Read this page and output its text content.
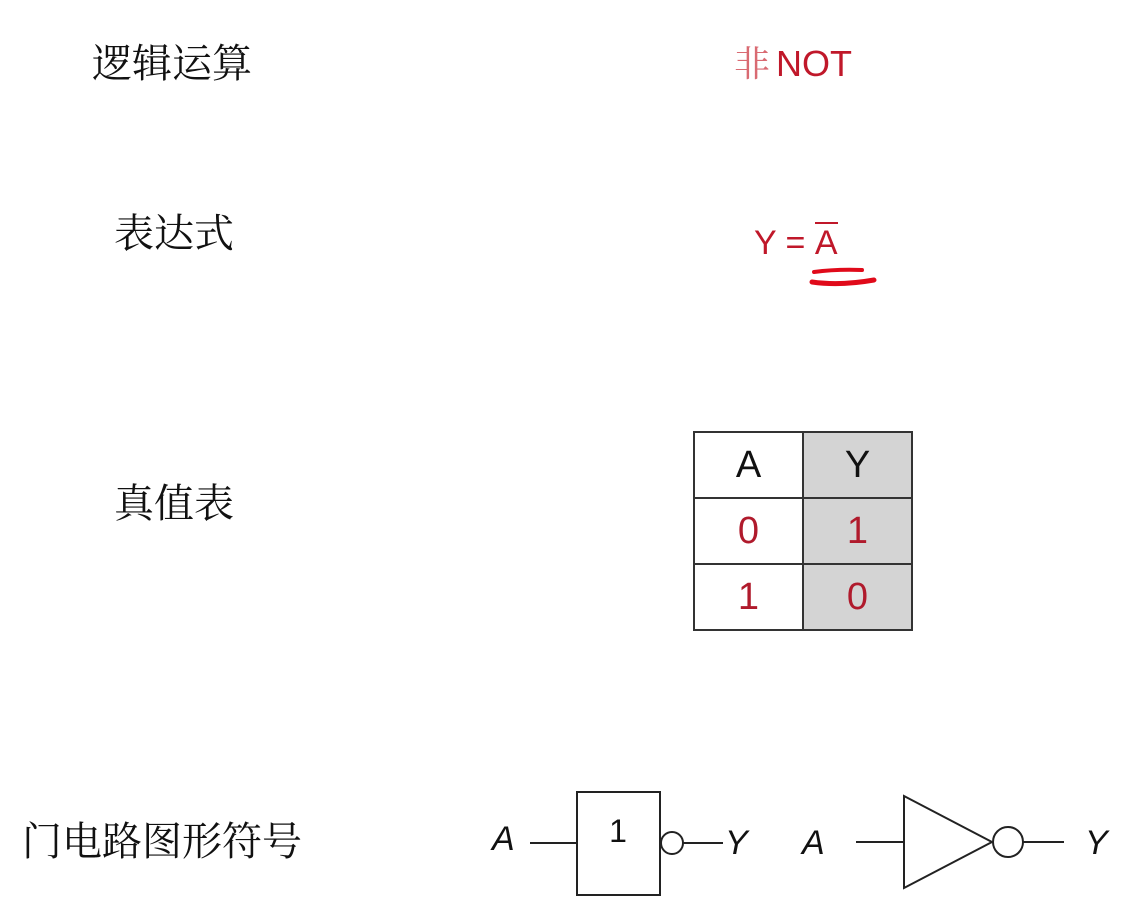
逻辑运算
表达式
真值表
门电路图形符号
非 NOT
Y = A
A	Y
0	1
1	0
A	1	Y A	Y
